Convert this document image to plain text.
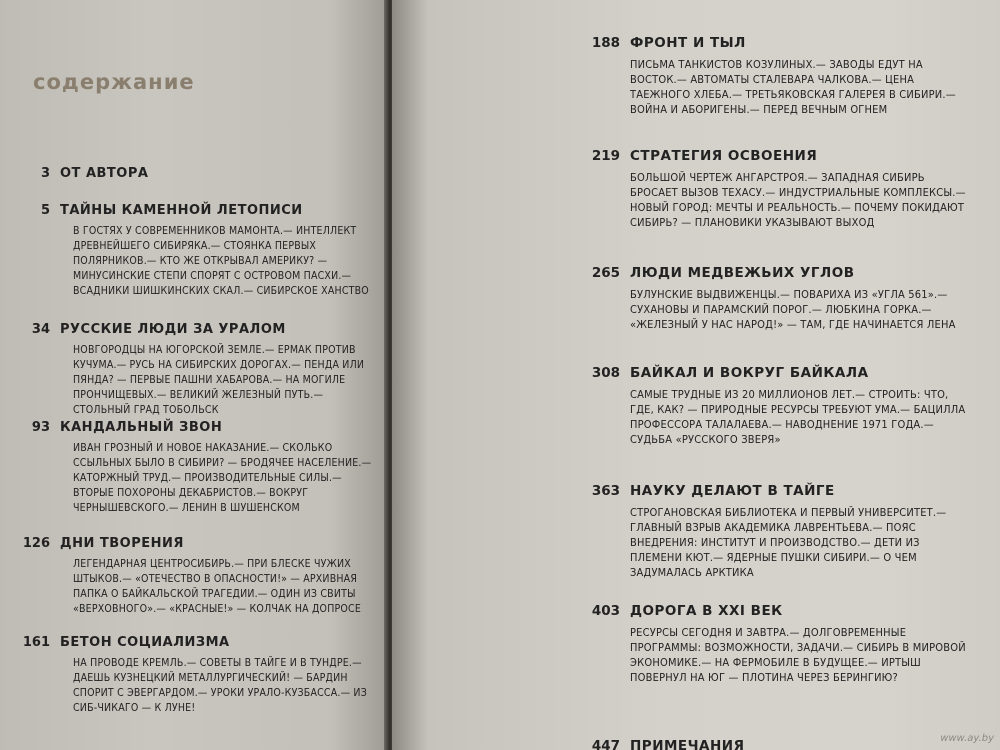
содержание
3 ОТ АВТОРА
5 ТАЙНЫ КАМЕННОЙ ЛЕТОПИСИ
В ГОСТЯХ У СОВРЕМЕННИКОВ МАМОНТА.— ИНТЕЛЛЕКТ ДРЕВНЕЙШЕГО СИБИРЯКА.— СТОЯНКА ПЕРВЫХ ПОЛЯРНИКОВ.— КТО ЖЕ ОТКРЫВАЛ АМЕРИКУ? — МИНУСИНСКИЕ СТЕПИ СПОРЯТ С ОСТРОВОМ ПАСХИ.— ВСАДНИКИ ШИШКИНСКИХ СКАЛ.— СИБИРСКОЕ ХАНСТВО
34 РУССКИЕ ЛЮДИ ЗА УРАЛОМ
НОВГОРОДЦЫ НА ЮГОРСКОЙ ЗЕМЛЕ.— ЕРМАК ПРОТИВ КУЧУМА.— РУСЬ НА СИБИРСКИХ ДОРОГАХ.— ПЕНДА ИЛИ ПЯНДА? — ПЕРВЫЕ ПАШНИ ХАБАРОВА.— НА МОГИЛЕ ПРОНЧИЩЕВЫХ.— ВЕЛИКИЙ ЖЕЛЕЗНЫЙ ПУТЬ.— СТОЛЬНЫЙ ГРАД ТОБОЛЬСК
93 КАНДАЛЬНЫЙ ЗВОН
ИВАН ГРОЗНЫЙ И НОВОЕ НАКАЗАНИЕ.— СКОЛЬКО ССЫЛЬНЫХ БЫЛО В СИБИРИ? — БРОДЯЧЕЕ НАСЕЛЕНИЕ.— КАТОРЖНЫЙ ТРУД.— ПРОИЗВОДИТЕЛЬНЫЕ СИЛЫ.— ВТОРЫЕ ПОХОРОНЫ ДЕКАБРИСТОВ.— ВОКРУГ ЧЕРНЫШЕВСКОГО.— ЛЕНИН В ШУШЕНСКОМ
126 ДНИ ТВОРЕНИЯ
ЛЕГЕНДАРНАЯ ЦЕНТРОСИБИРЬ.— ПРИ БЛЕСКЕ ЧУЖИХ ШТЫКОВ.— «ОТЕЧЕСТВО В ОПАСНОСТИ!» — АРХИВНАЯ ПАПКА О БАЙКАЛЬСКОЙ ТРАГЕДИИ.— ОДИН ИЗ СВИТЫ «ВЕРХОВНОГО».— «КРАСНЫЕ!» — КОЛЧАК НА ДОПРОСЕ
161 БЕТОН СОЦИАЛИЗМА
НА ПРОВОДЕ КРЕМЛЬ.— СОВЕТЫ В ТАЙГЕ И В ТУНДРЕ.— ДАЕШЬ КУЗНЕЦКИЙ МЕТАЛЛУРГИЧЕСКИЙ! — БАРДИН СПОРИТ С ЭВЕРГАРДОМ.— УРОКИ УРАЛО-КУЗБАССА.— ИЗ СИБ-ЧИКАГО — К ЛУНЕ!
188 ФРОНТ И ТЫЛ
ПИСЬМА ТАНКИСТОВ КОЗУЛИНЫХ.— ЗАВОДЫ ЕДУТ НА ВОСТОК.— АВТОМАТЫ СТАЛЕВАРА ЧАЛКОВА.— ЦЕНА ТАЕЖНОГО ХЛЕБА.— ТРЕТЬЯКОВСКАЯ ГАЛЕРЕЯ В СИБИРИ.— ВОЙНА И АБОРИГЕНЫ.— ПЕРЕД ВЕЧНЫМ ОГНЕМ
219 СТРАТЕГИЯ ОСВОЕНИЯ
БОЛЬШОЙ ЧЕРТЕЖ АНГАРСТРОЯ.— ЗАПАДНАЯ СИБИРЬ БРОСАЕТ ВЫЗОВ ТЕХАСУ.— ИНДУСТРИАЛЬНЫЕ КОМПЛЕКСЫ.— НОВЫЙ ГОРОД: МЕЧТЫ И РЕАЛЬНОСТЬ.— ПОЧЕМУ ПОКИДАЮТ СИБИРЬ? — ПЛАНОВИКИ УКАЗЫВАЮТ ВЫХОД
265 ЛЮДИ МЕДВЕЖЬИХ УГЛОВ
БУЛУНСКИЕ ВЫДВИЖЕНЦЫ.— ПОВАРИХА ИЗ «УГЛА 561».— СУХАНОВЫ И ПАРАМСКИЙ ПОРОГ.— ЛЮБКИНА ГОРКА.— «ЖЕЛЕЗНЫЙ У НАС НАРОД!» — ТАМ, ГДЕ НАЧИНАЕТСЯ ЛЕНА
308 БАЙКАЛ И ВОКРУГ БАЙКАЛА
САМЫЕ ТРУДНЫЕ ИЗ 20 МИЛЛИОНОВ ЛЕТ.— СТРОИТЬ: ЧТО, ГДЕ, КАК? — ПРИРОДНЫЕ РЕСУРСЫ ТРЕБУЮТ УМА.— БАЦИЛЛА ПРОФЕССОРА ТАЛАЛАЕВА.— НАВОДНЕНИЕ 1971 ГОДА.— СУДЬБА «РУССКОГО ЗВЕРЯ»
363 НАУКУ ДЕЛАЮТ В ТАЙГЕ
СТРОГАНОВСКАЯ БИБЛИОТЕКА И ПЕРВЫЙ УНИВЕРСИТЕТ.— ГЛАВНЫЙ ВЗРЫВ АКАДЕМИКА ЛАВРЕНТЬЕВА.— ПОЯС ВНЕДРЕНИЯ: ИНСТИТУТ И ПРОИЗВОДСТВО.— ДЕТИ ИЗ ПЛЕМЕНИ КЮТ.— ЯДЕРНЫЕ ПУШКИ СИБИРИ.— О ЧЕМ ЗАДУМАЛАСЬ АРКТИКА
403 ДОРОГА В XXI ВЕК
РЕСУРСЫ СЕГОДНЯ И ЗАВТРА.— ДОЛГОВРЕМЕННЫЕ ПРОГРАММЫ: ВОЗМОЖНОСТИ, ЗАДАЧИ.— СИБИРЬ В МИРОВОЙ ЭКОНОМИКЕ.— НА ФЕРМОБИЛЕ В БУДУЩЕЕ.— ИРТЫШ ПОВЕРНУЛ НА ЮГ — ПЛОТИНА ЧЕРЕЗ БЕРИНГИЮ?
447 ПРИМЕЧАНИЯ	www.ay.by
